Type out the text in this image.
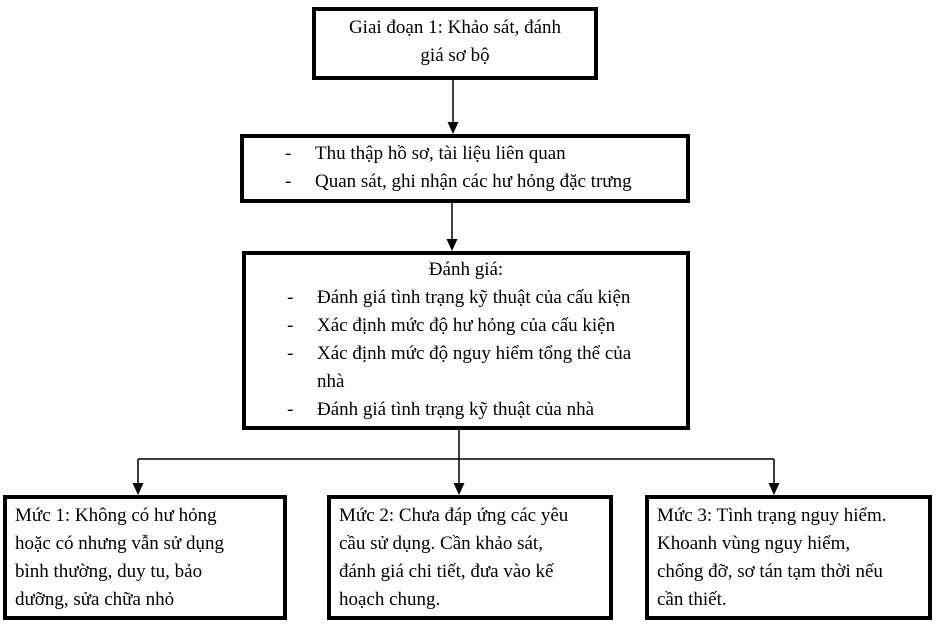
Giai đoạn 1: Khảo sát, đánh
giá sơ bộ
-	Thu thập hồ sơ, tài liệu liên quan
-	Quan sát, ghi nhận các hư hỏng đặc trưng
Đánh giá:
-	Đánh giá tình trạng kỹ thuật của cấu kiện
-	Xác định mức độ hư hỏng của cấu kiện
-	Xác định mức độ nguy hiểm tổng thể của
nhà
-	Đánh giá tình trạng kỹ thuật của nhà
Mức 1: Không có hư hỏng
hoặc có nhưng vẫn sử dụng
bình thường, duy tu, bảo
dưỡng, sửa chữa nhỏ
Mức 2: Chưa đáp ứng các yêu
cầu sử dụng. Cần khảo sát,
đánh giá chi tiết, đưa vào kế
hoạch chung.
Mức 3: Tình trạng nguy hiểm.
Khoanh vùng nguy hiểm,
chống đỡ, sơ tán tạm thời nếu
cần thiết.
